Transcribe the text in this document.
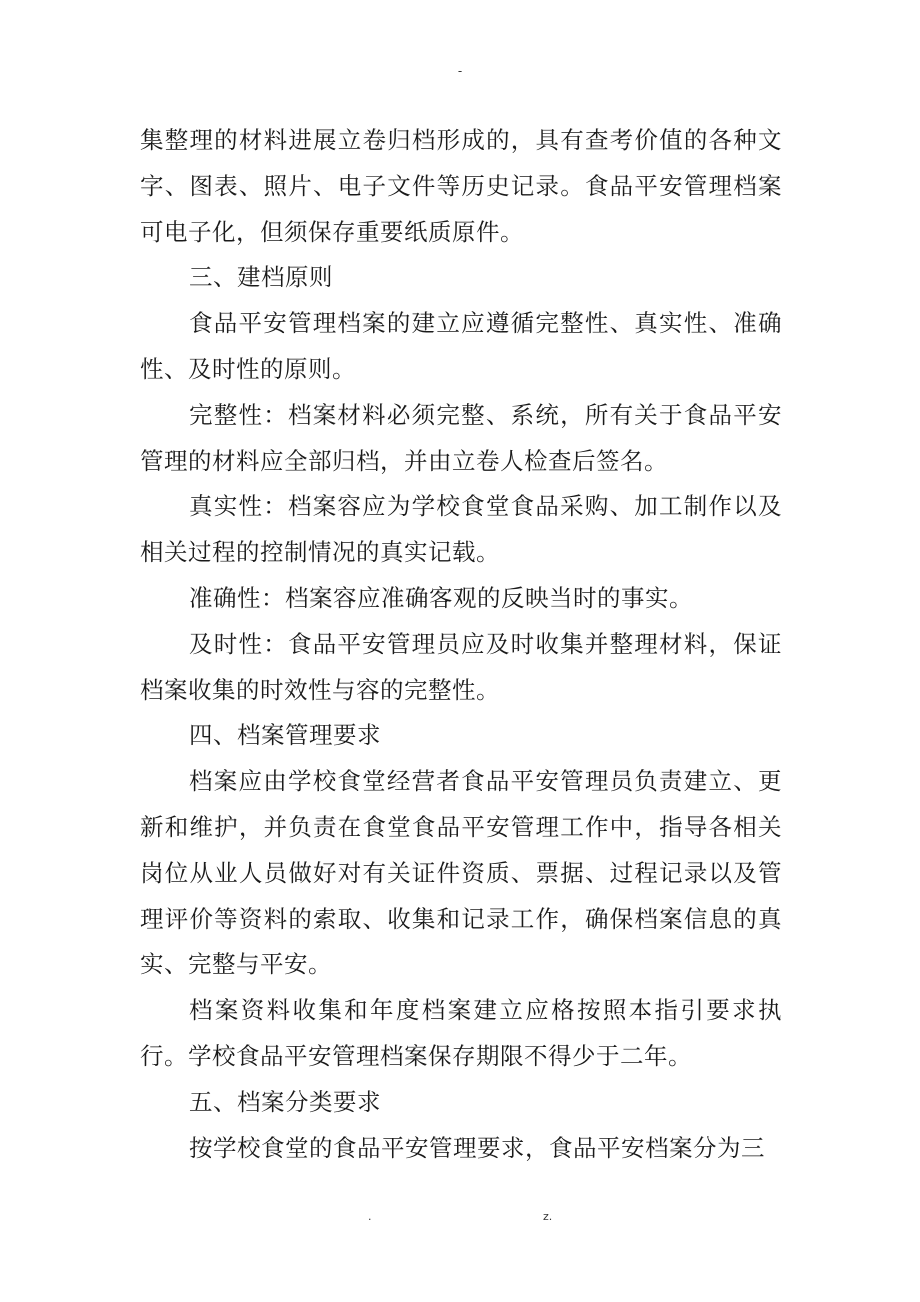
-

集整理的材料进展立卷归档形成的，具有查考价值的各种文字、图表、照片、电子文件等历史记录。食品平安管理档案可电子化，但须保存重要纸质原件。

三、建档原则

食品平安管理档案的建立应遵循完整性、真实性、准确性、及时性的原则。

完整性：档案材料必须完整、系统，所有关于食品平安管理的材料应全部归档，并由立卷人检查后签名。

真实性：档案容应为学校食堂食品采购、加工制作以及相关过程的控制情况的真实记载。

准确性：档案容应准确客观的反映当时的事实。

及时性：食品平安管理员应及时收集并整理材料，保证档案收集的时效性与容的完整性。

四、档案管理要求

档案应由学校食堂经营者食品平安管理员负责建立、更新和维护，并负责在食堂食品平安管理工作中，指导各相关岗位从业人员做好对有关证件资质、票据、过程记录以及管理评价等资料的索取、收集和记录工作，确保档案信息的真实、完整与平安。

档案资料收集和年度档案建立应格按照本指引要求执行。学校食品平安管理档案保存期限不得少于二年。

五、档案分类要求

按学校食堂的食品平安管理要求，食品平安档案分为三

.	z.
